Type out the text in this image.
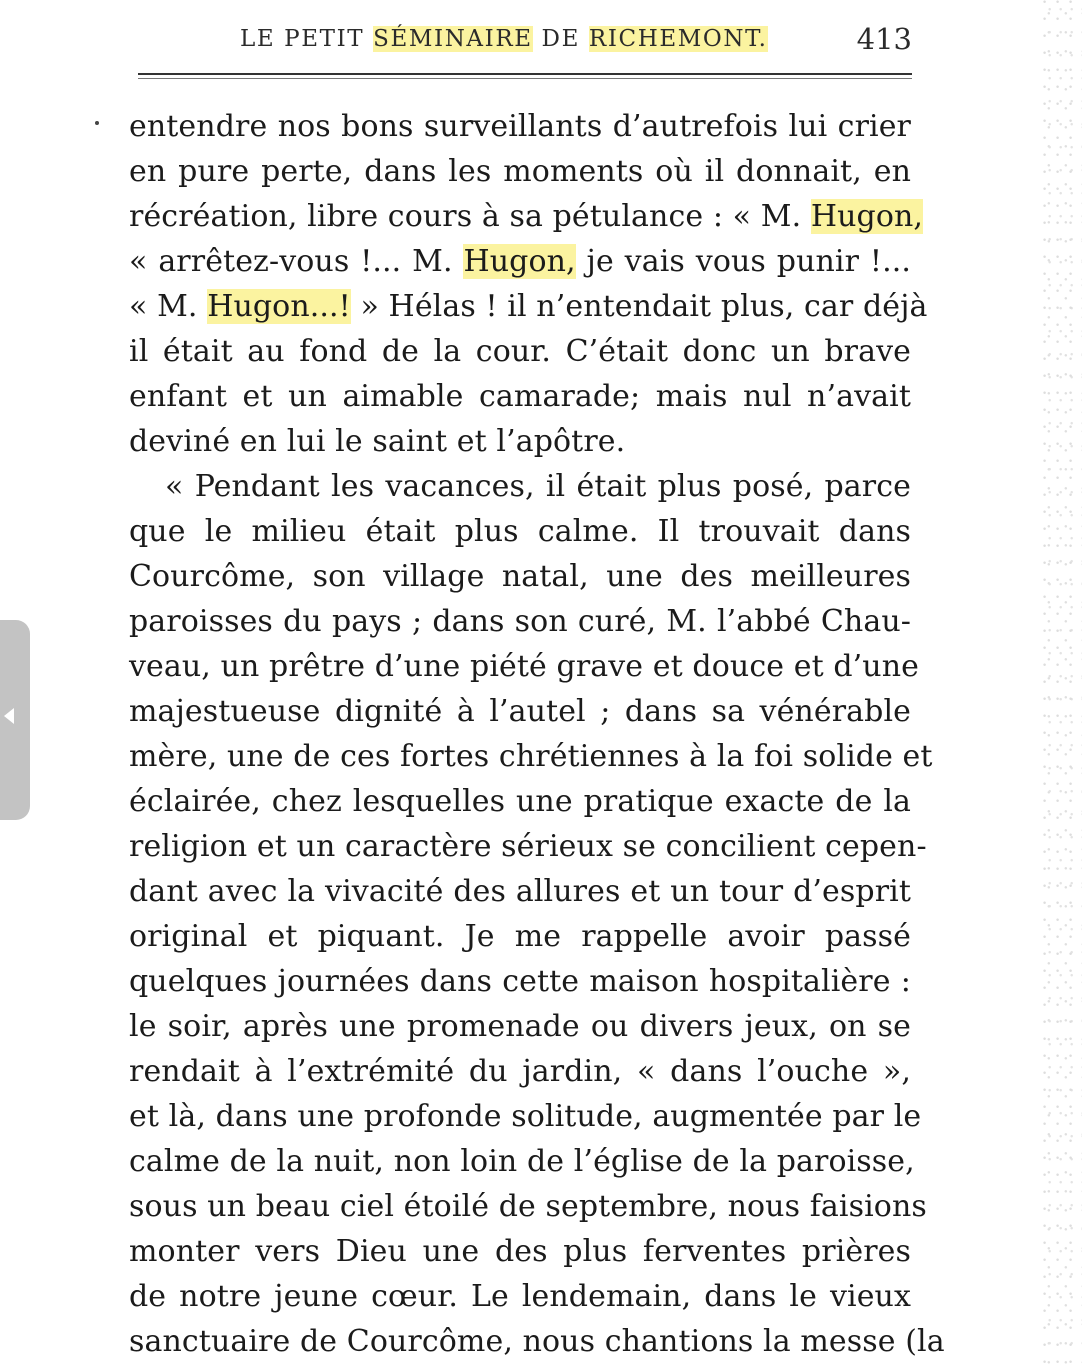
LE PETIT SÉMINAIRE DE RICHEMONT.	413
entendre nos bons surveillants d’autrefois lui crier
en pure perte, dans les moments où il donnait, en
récréation, libre cours à sa pétulance : « M. Hugon,
« arrêtez-vous !... M. Hugon, je vais vous punir !...
« M. Hugon...! » Hélas ! il n’entendait plus, car déjà
il était au fond de la cour. C’était donc un brave
enfant et un aimable camarade; mais nul n’avait
deviné en lui le saint et l’apôtre.
« Pendant les vacances, il était plus posé, parce
que le milieu était plus calme. Il trouvait dans
Courcôme, son village natal, une des meilleures
paroisses du pays ; dans son curé, M. l’abbé Chau-
veau, un prêtre d’une piété grave et douce et d’une
majestueuse dignité à l’autel ; dans sa vénérable
mère, une de ces fortes chrétiennes à la foi solide et
éclairée, chez lesquelles une pratique exacte de la
religion et un caractère sérieux se concilient cepen-
dant avec la vivacité des allures et un tour d’esprit
original et piquant. Je me rappelle avoir passé
quelques journées dans cette maison hospitalière :
le soir, après une promenade ou divers jeux, on se
rendait à l’extrémité du jardin, « dans l’ouche »,
et là, dans une profonde solitude, augmentée par le
calme de la nuit, non loin de l’église de la paroisse,
sous un beau ciel étoilé de septembre, nous faisions
monter vers Dieu une des plus ferventes prières
de notre jeune cœur. Le lendemain, dans le vieux
sanctuaire de Courcôme, nous chantions la messe (la
